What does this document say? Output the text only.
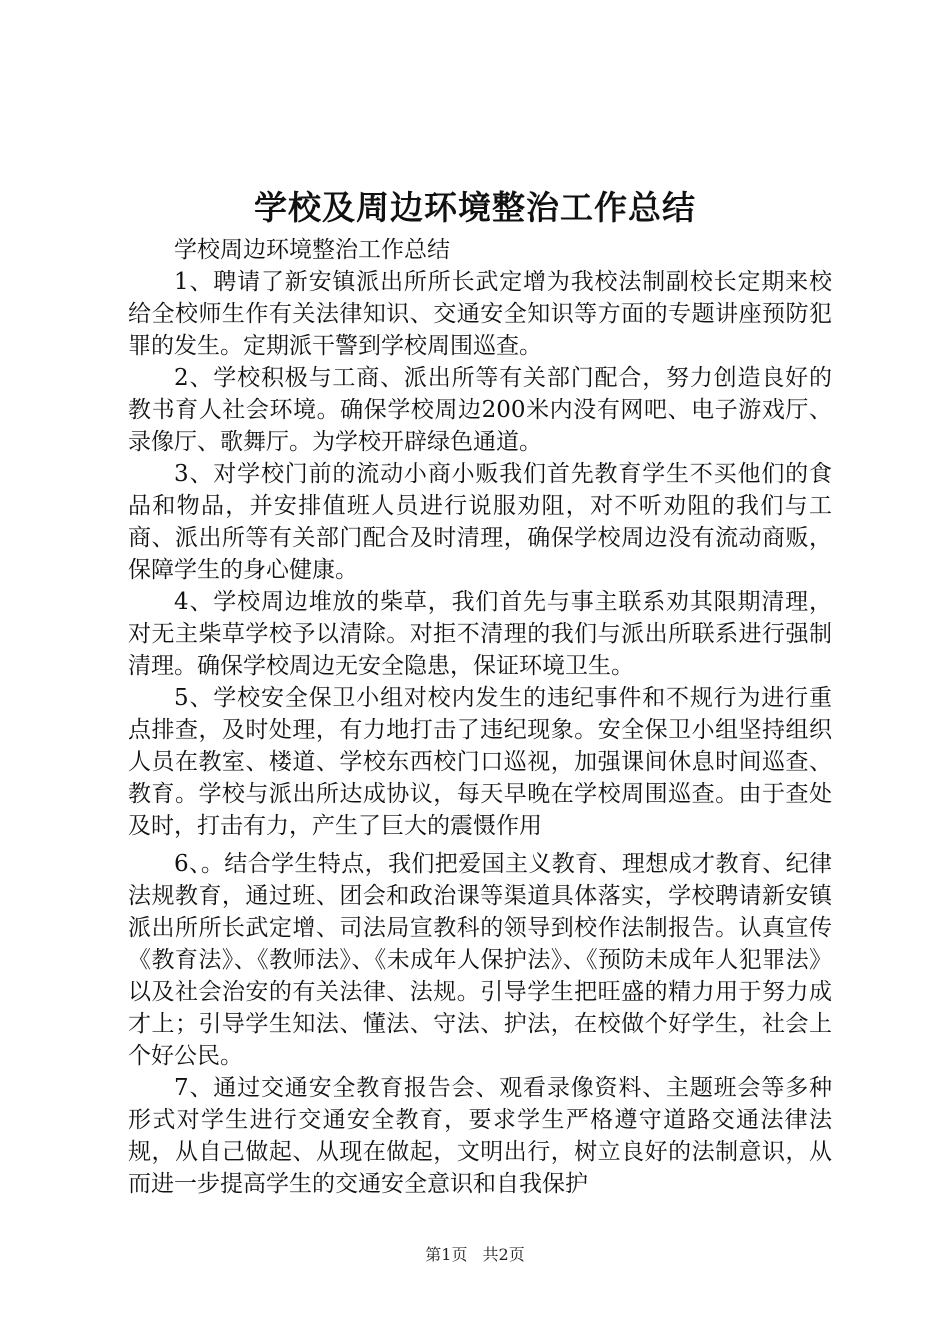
学校及周边环境整治工作总结

学校周边环境整治工作总结

1、聘请了新安镇派出所所长武定增为我校法制副校长定期来校给全校师生作有关法律知识、交通安全知识等方面的专题讲座预防犯罪的发生。定期派干警到学校周围巡查。

2、学校积极与工商、派出所等有关部门配合，努力创造良好的教书育人社会环境。确保学校周边200米内没有网吧、电子游戏厅、录像厅、歌舞厅。为学校开辟绿色通道。

3、对学校门前的流动小商小贩我们首先教育学生不买他们的食品和物品，并安排值班人员进行说服劝阻，对不听劝阻的我们与工商、派出所等有关部门配合及时清理，确保学校周边没有流动商贩，保障学生的身心健康。

4、学校周边堆放的柴草，我们首先与事主联系劝其限期清理，对无主柴草学校予以清除。对拒不清理的我们与派出所联系进行强制清理。确保学校周边无安全隐患，保证环境卫生。

5、学校安全保卫小组对校内发生的违纪事件和不规行为进行重点排查，及时处理，有力地打击了违纪现象。安全保卫小组坚持组织人员在教室、楼道、学校东西校门口巡视，加强课间休息时间巡查、教育。学校与派出所达成协议，每天早晚在学校周围巡查。由于查处及时，打击有力，产生了巨大的震慑作用

6、。结合学生特点，我们把爱国主义教育、理想成才教育、纪律法规教育，通过班、团会和政治课等渠道具体落实，学校聘请新安镇派出所所长武定增、司法局宣教科的领导到校作法制报告。认真宣传《教育法》、《教师法》、《未成年人保护法》、《预防未成年人犯罪法》以及社会治安的有关法律、法规。引导学生把旺盛的精力用于努力成才上；引导学生知法、懂法、守法、护法，在校做个好学生，社会上个好公民。

7、通过交通安全教育报告会、观看录像资料、主题班会等多种形式对学生进行交通安全教育，要求学生严格遵守道路交通法律法规，从自己做起、从现在做起，文明出行，树立良好的法制意识，从而进一步提高学生的交通安全意识和自我保护

第1页 共2页
